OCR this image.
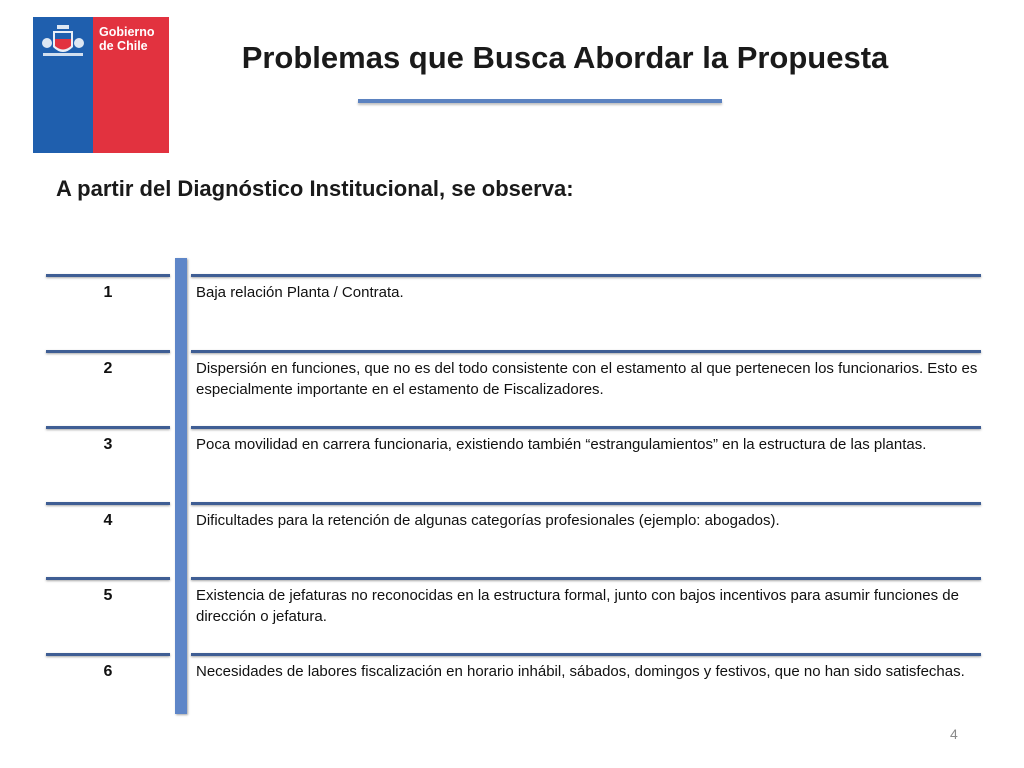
Gobierno
de Chile	Problemas que Busca Abordar la Propuesta
A partir del Diagnóstico Institucional, se observa:
1	Baja relación Planta / Contrata.
2	Dispersión en funciones, que no es del todo consistente con el estamento al que pertenecen los funcionarios. Esto es especialmente importante en el estamento de Fiscalizadores.
3	Poca movilidad en carrera funcionaria, existiendo también “estrangulamientos” en la estructura de las plantas.
4	Dificultades para la retención de algunas categorías profesionales (ejemplo: abogados).
5	Existencia de jefaturas no reconocidas en la estructura formal, junto con bajos incentivos para asumir funciones de dirección o jefatura.
6	Necesidades de labores fiscalización en horario inhábil, sábados, domingos y festivos, que no han sido satisfechas.
4
